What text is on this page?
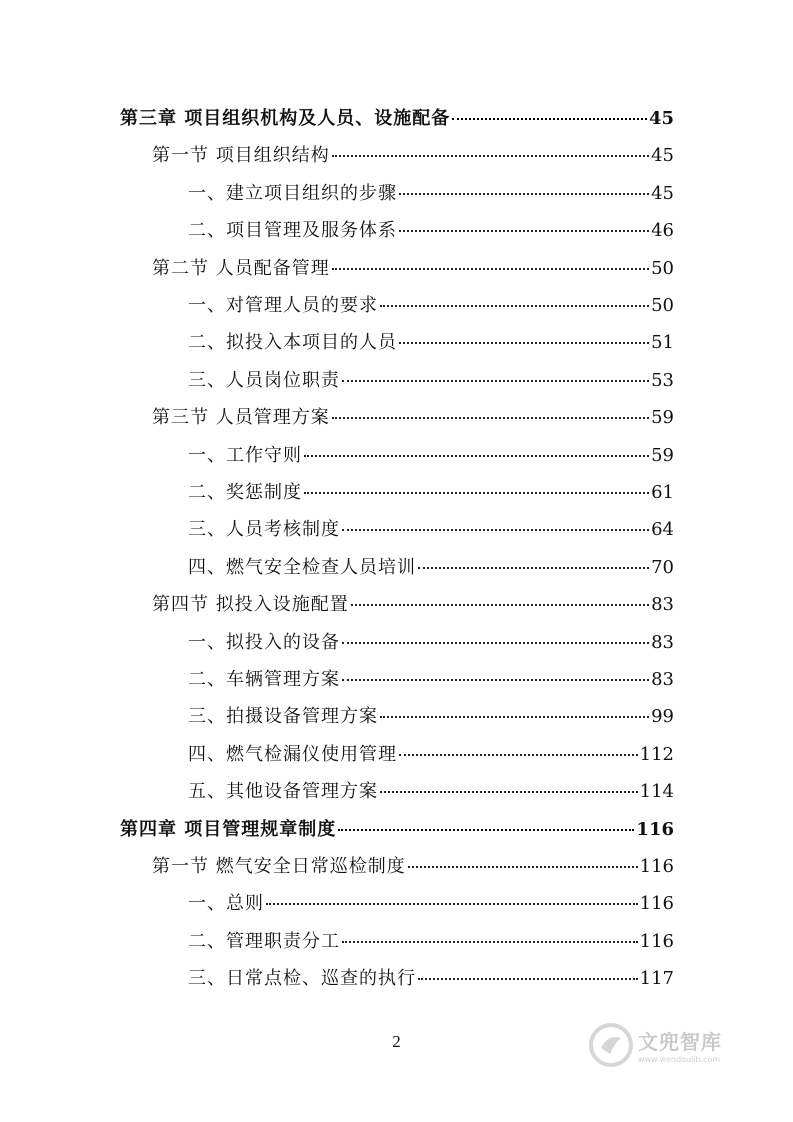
第三章 项目组织机构及人员、设施配备	45
第一节 项目组织结构	45
一、建立项目组织的步骤	45
二、项目管理及服务体系	46
第二节 人员配备管理	50
一、对管理人员的要求	50
二、拟投入本项目的人员	51
三、人员岗位职责	53
第三节 人员管理方案	59
一、工作守则	59
二、奖惩制度	61
三、人员考核制度	64
四、燃气安全检查人员培训	70
第四节 拟投入设施配置	83
一、拟投入的设备	83
二、车辆管理方案	83
三、拍摄设备管理方案	99
四、燃气检漏仪使用管理	112
五、其他设备管理方案	114
第四章 项目管理规章制度	116
第一节 燃气安全日常巡检制度	116
一、总则	116
二、管理职责分工	116
三、日常点检、巡查的执行	117
2	文兜智库
www.wendoulib.com
